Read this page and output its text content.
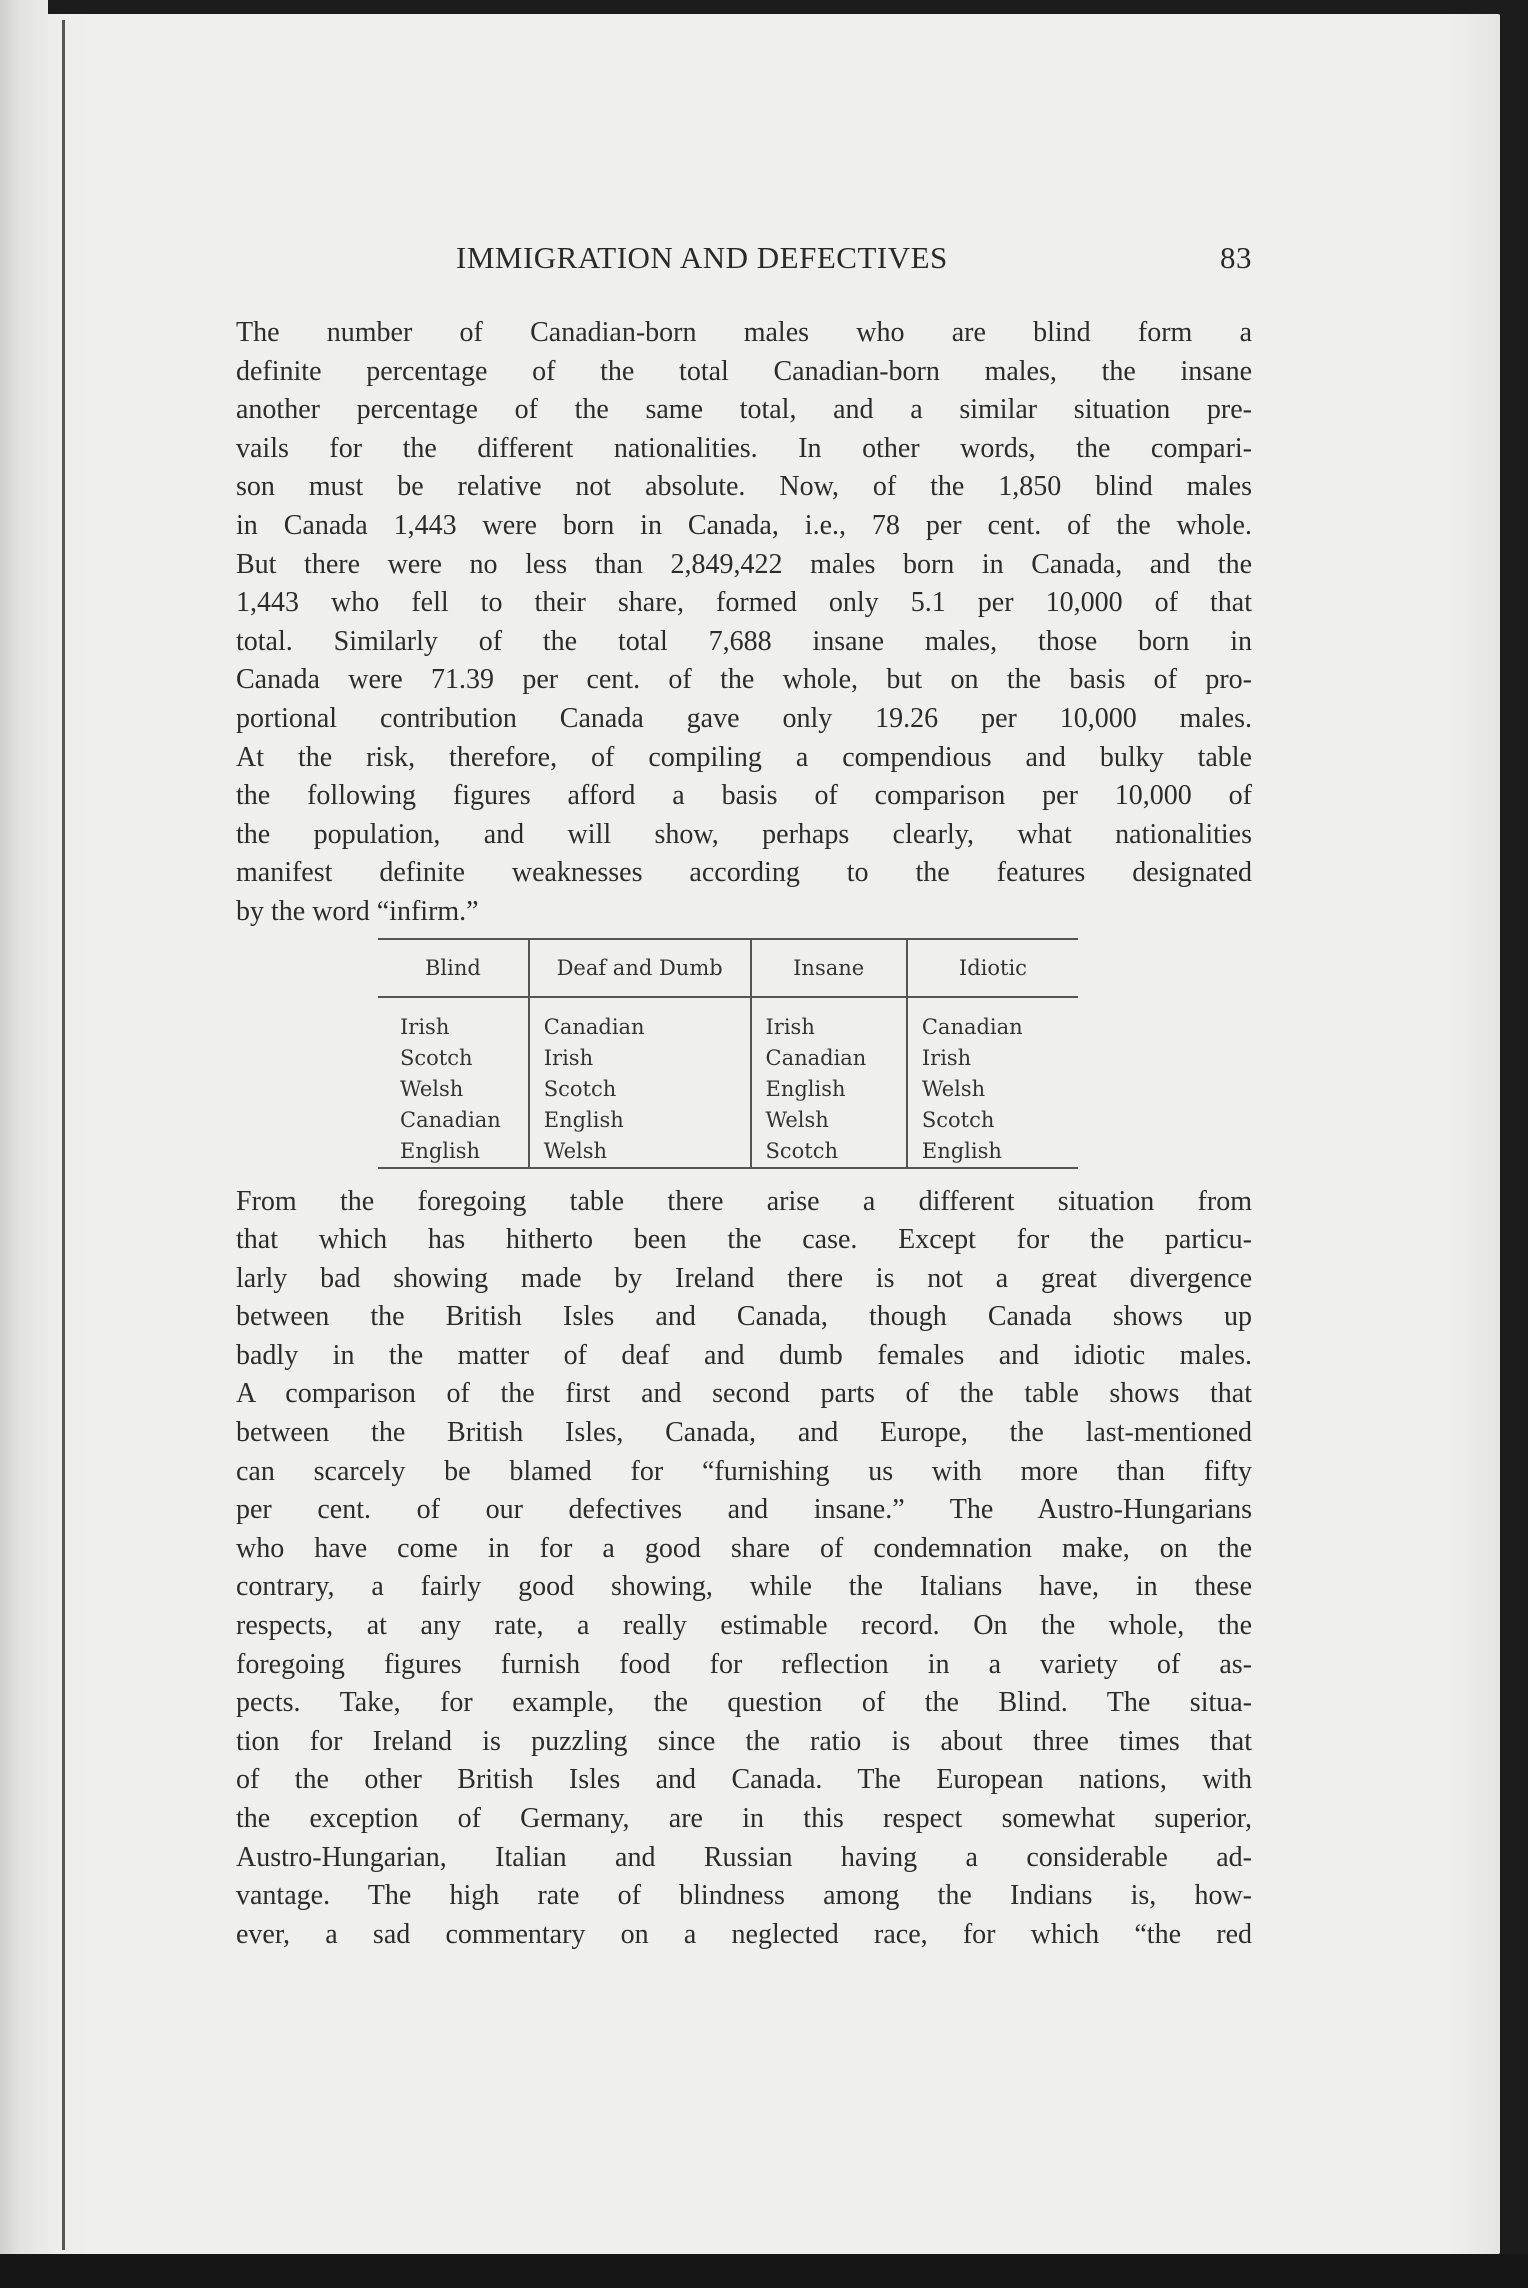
IMMIGRATION AND DEFECTIVES	83
The number of Canadian-born males who are blind form a
definite percentage of the total Canadian-born males, the insane
another percentage of the same total, and a similar situation pre-
vails for the different nationalities. In other words, the compari-
son must be relative not absolute. Now, of the 1,850 blind males
in Canada 1,443 were born in Canada, i.e., 78 per cent. of the whole.
But there were no less than 2,849,422 males born in Canada, and the
1,443 who fell to their share, formed only 5.1 per 10,000 of that
total. Similarly of the total 7,688 insane males, those born in
Canada were 71.39 per cent. of the whole, but on the basis of pro-
portional contribution Canada gave only 19.26 per 10,000 males.
At the risk, therefore, of compiling a compendious and bulky table
the following figures afford a basis of comparison per 10,000 of
the population, and will show, perhaps clearly, what nationalities
manifest definite weaknesses according to the features designated
by the word “infirm.”
Blind	Deaf and Dumb	Insane	Idiotic
Irish	Canadian	Irish	Canadian
Scotch	Irish	Canadian	Irish
Welsh	Scotch	English	Welsh
Canadian	English	Welsh	Scotch
English	Welsh	Scotch	English
From the foregoing table there arise a different situation from
that which has hitherto been the case. Except for the particu-
larly bad showing made by Ireland there is not a great divergence
between the British Isles and Canada, though Canada shows up
badly in the matter of deaf and dumb females and idiotic males.
A comparison of the first and second parts of the table shows that
between the British Isles, Canada, and Europe, the last-mentioned
can scarcely be blamed for “furnishing us with more than fifty
per cent. of our defectives and insane.” The Austro-Hungarians
who have come in for a good share of condemnation make, on the
contrary, a fairly good showing, while the Italians have, in these
respects, at any rate, a really estimable record. On the whole, the
foregoing figures furnish food for reflection in a variety of as-
pects. Take, for example, the question of the Blind. The situa-
tion for Ireland is puzzling since the ratio is about three times that
of the other British Isles and Canada. The European nations, with
the exception of Germany, are in this respect somewhat superior,
Austro-Hungarian, Italian and Russian having a considerable ad-
vantage. The high rate of blindness among the Indians is, how-
ever, a sad commentary on a neglected race, for which “the red
